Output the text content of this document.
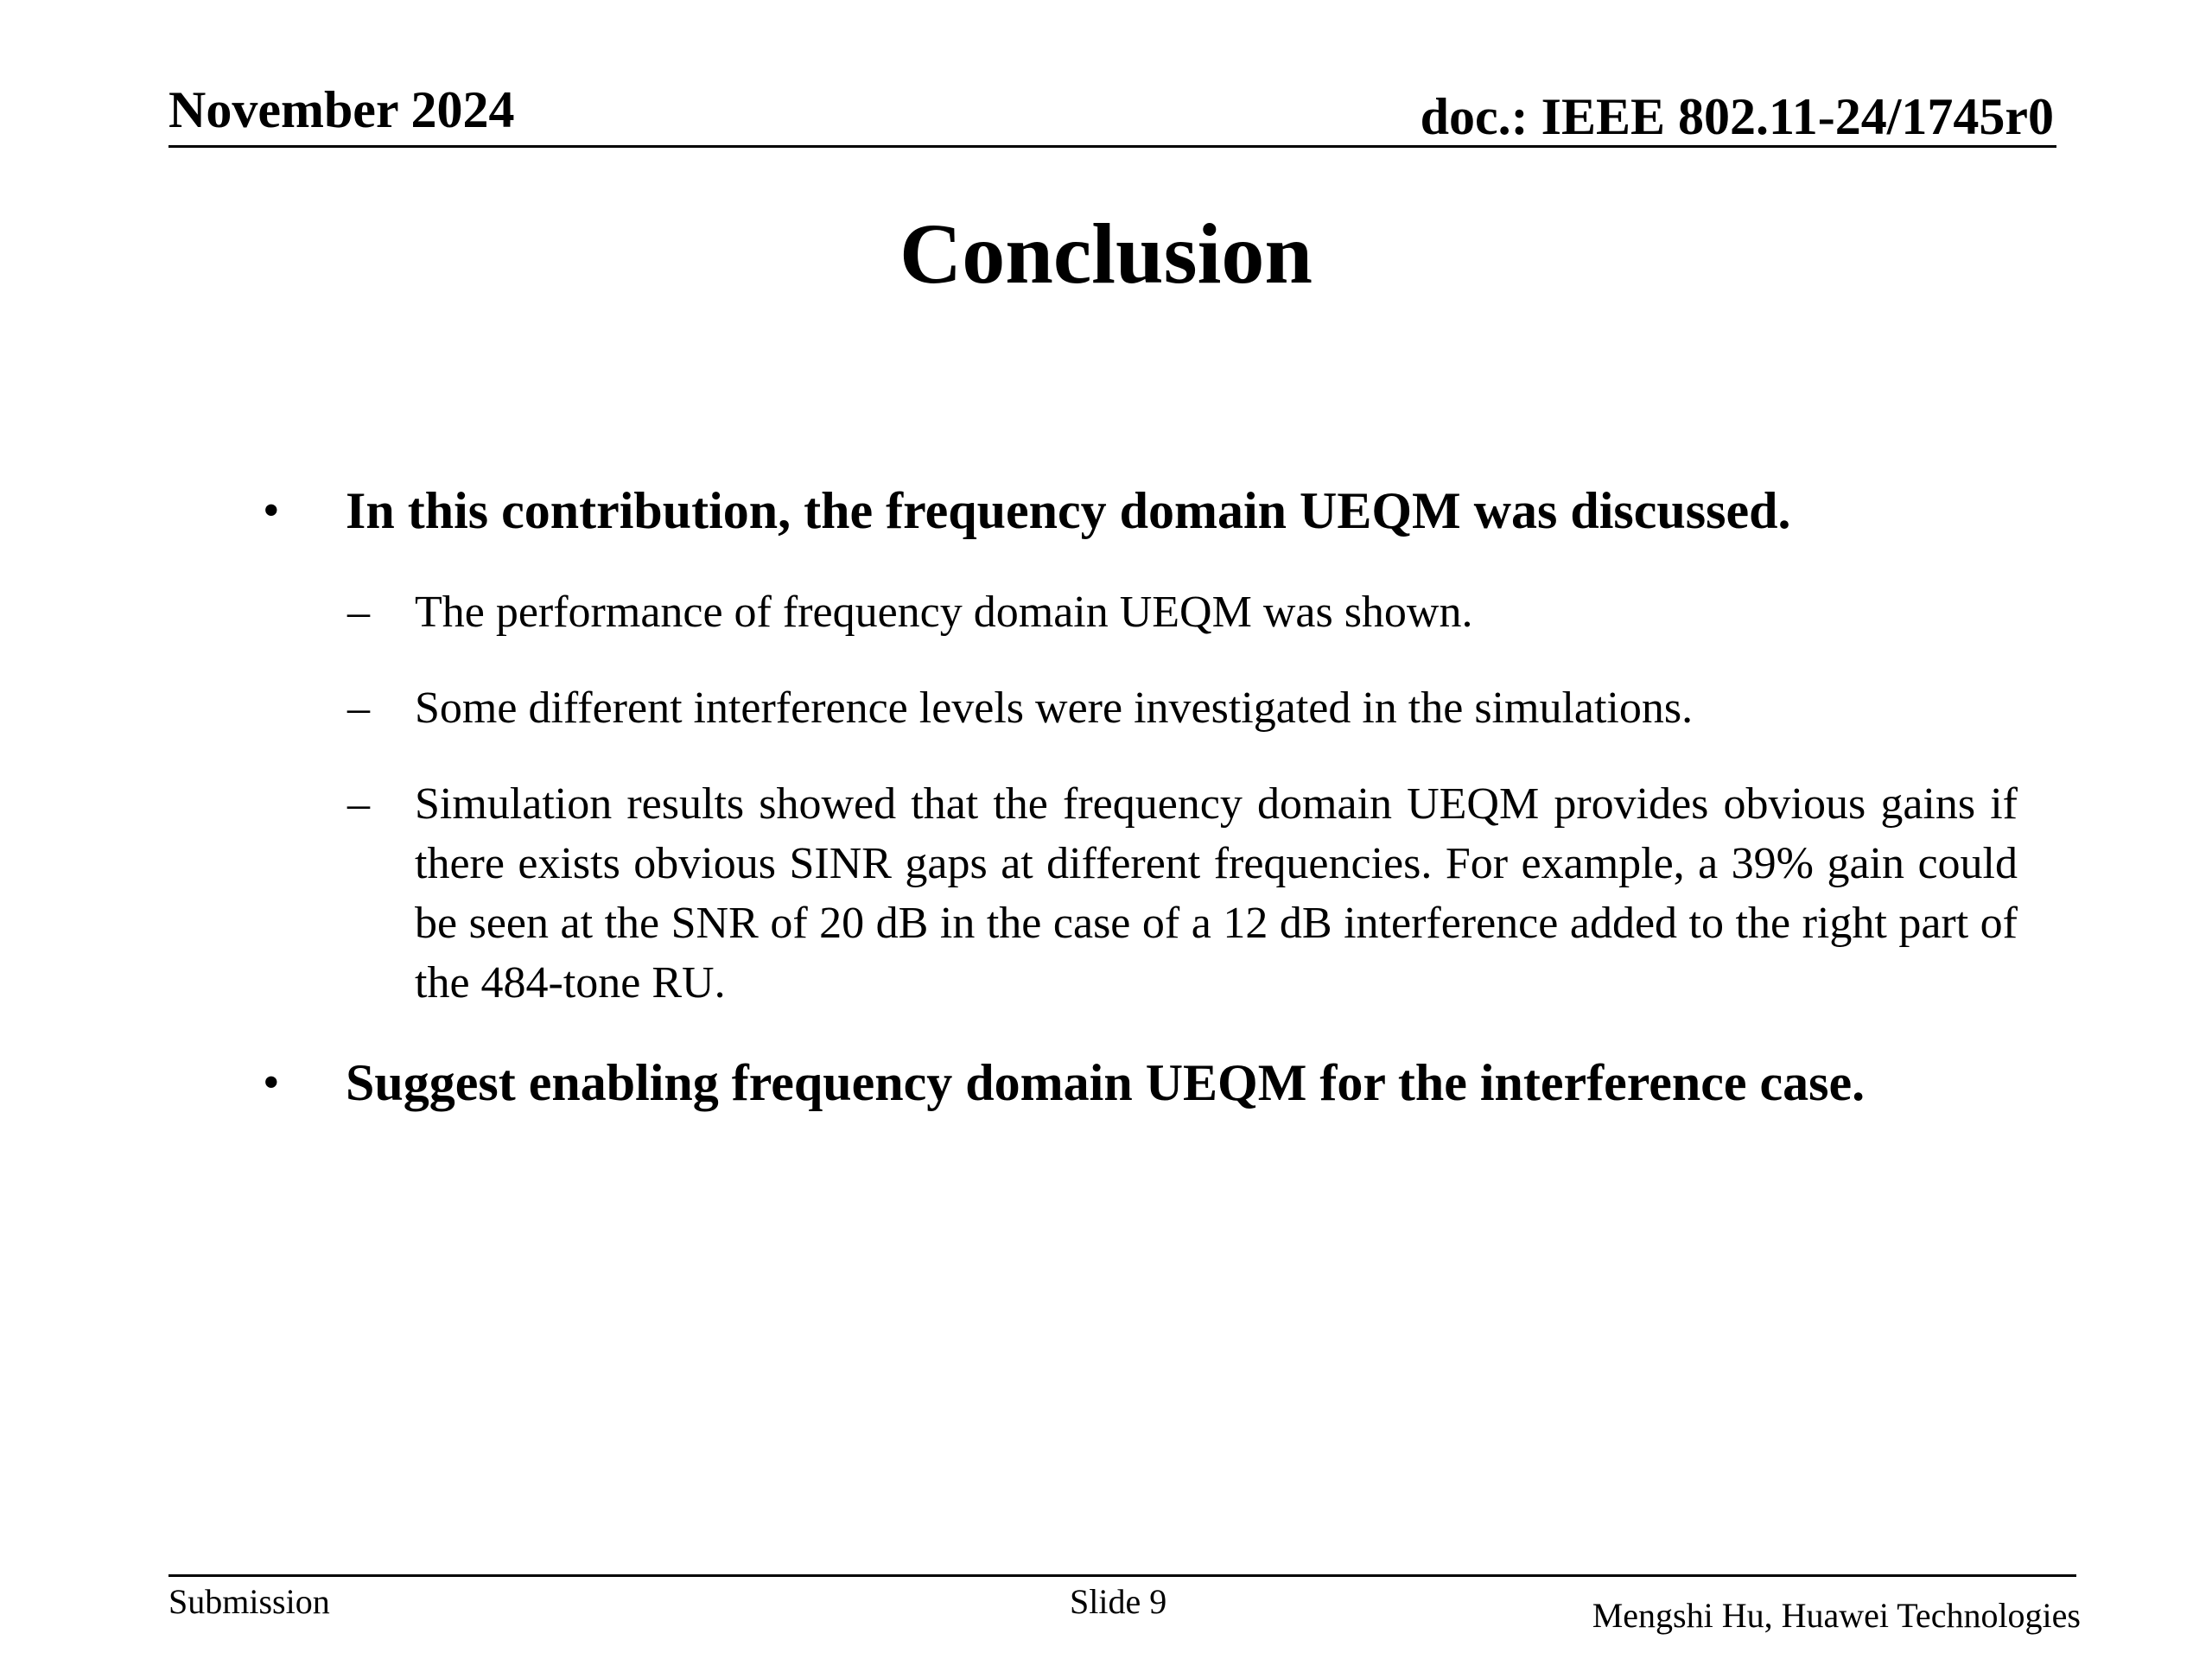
November 2024	doc.: IEEE 802.11-24/1745r0
Conclusion
• In this contribution, the frequency domain UEQM was discussed.
– The performance of frequency domain UEQM was shown.
– Some different interference levels were investigated in the simulations.
– Simulation results showed that the frequency domain UEQM provides obvious gains if there exists obvious SINR gaps at different frequencies. For example, a 39% gain could be seen at the SNR of 20 dB in the case of a 12 dB interference added to the right part of the 484-tone RU.
• Suggest enabling frequency domain UEQM for the interference case.
Submission	Slide 9	Mengshi Hu, Huawei Technologies
